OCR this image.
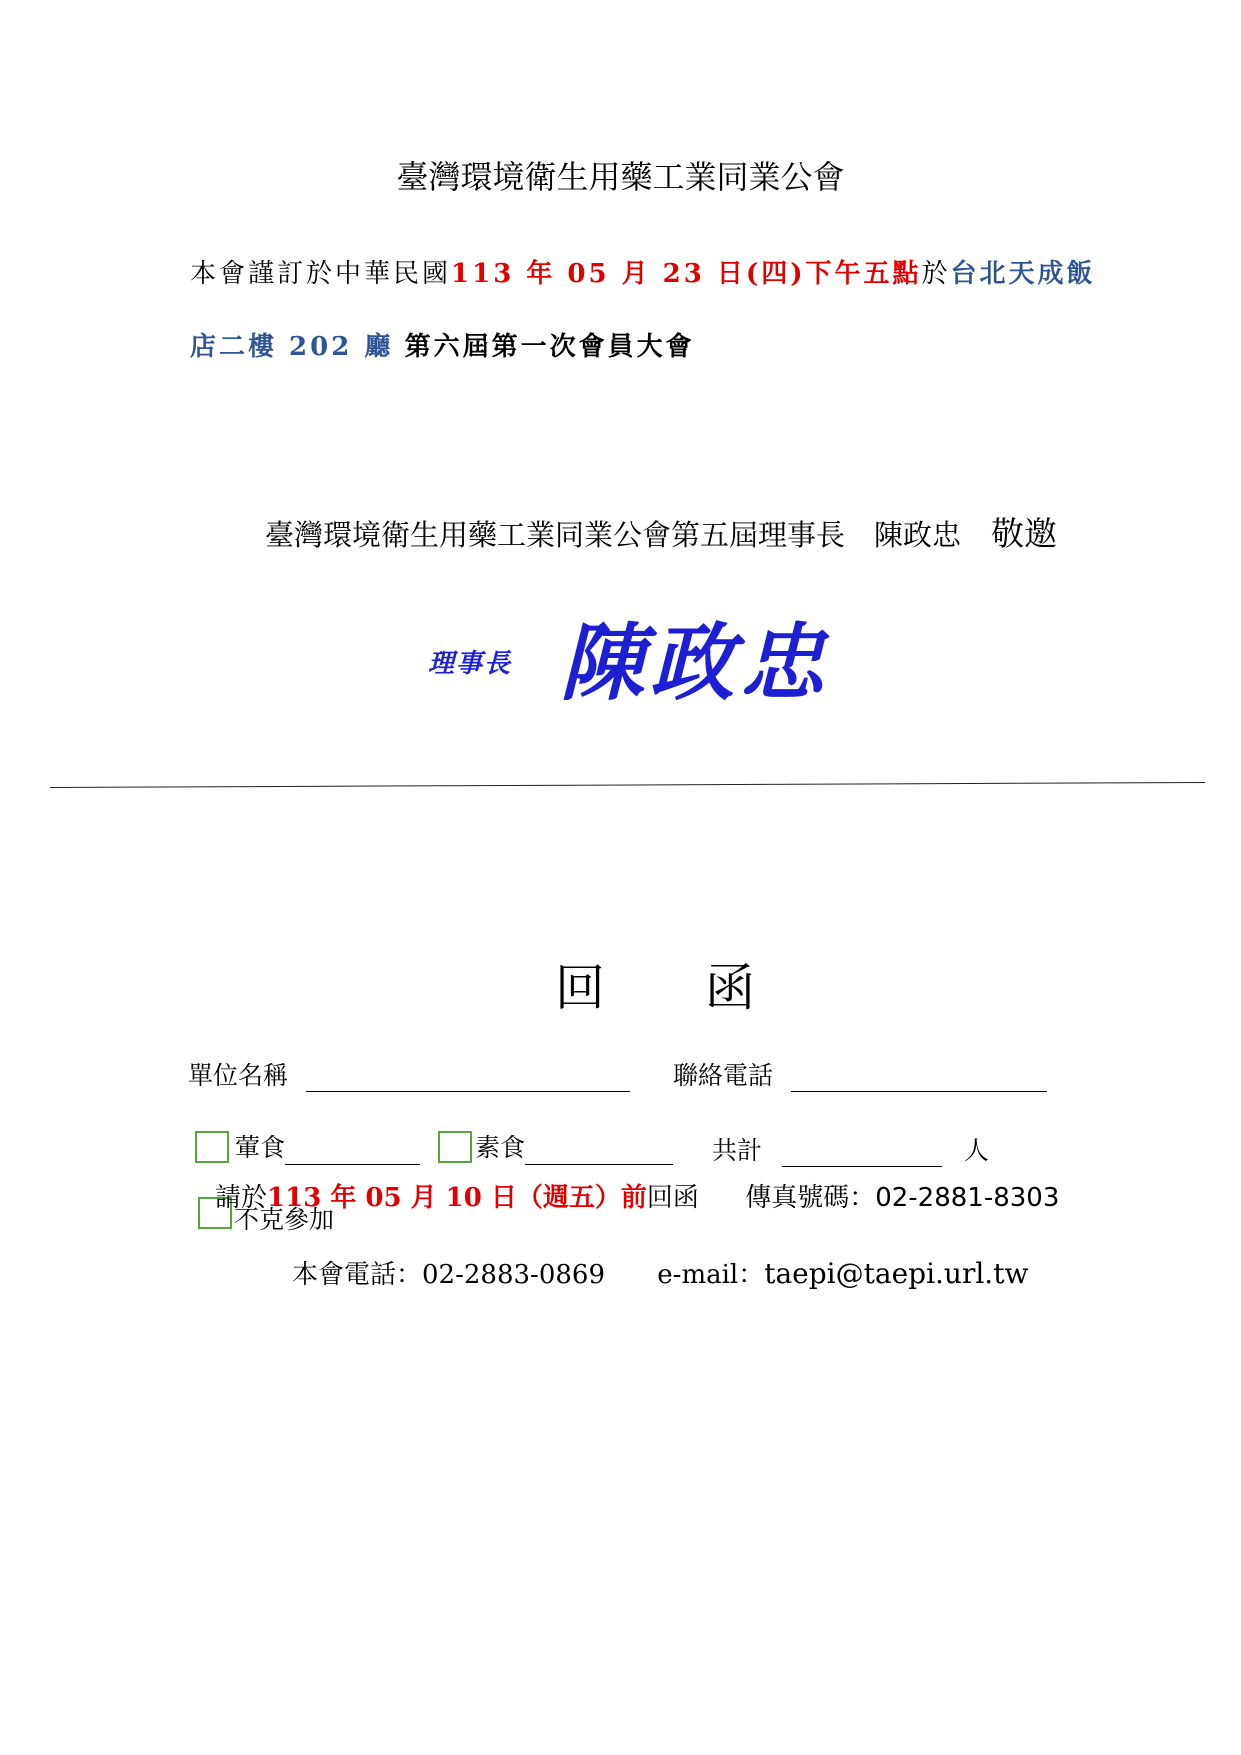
臺灣環境衛生用藥工業同業公會
本會謹訂於中華民國113 年 05 月 23 日(四)下午五點於台北天成飯
店二樓 202 廳 第六屆第一次會員大會
臺灣環境衛生用藥工業同業公會第五屆理事長　陳政忠 敬邀
理事長 陳政忠
回函
單位名稱	聯絡電話
葷食	素食	共計	人
不克參加
請於113 年 05 月 10 日（週五）前回函 傳真號碼：02-2881-8303
本會電話：02-2883-0869 e-mail：taepi@taepi.url.tw
